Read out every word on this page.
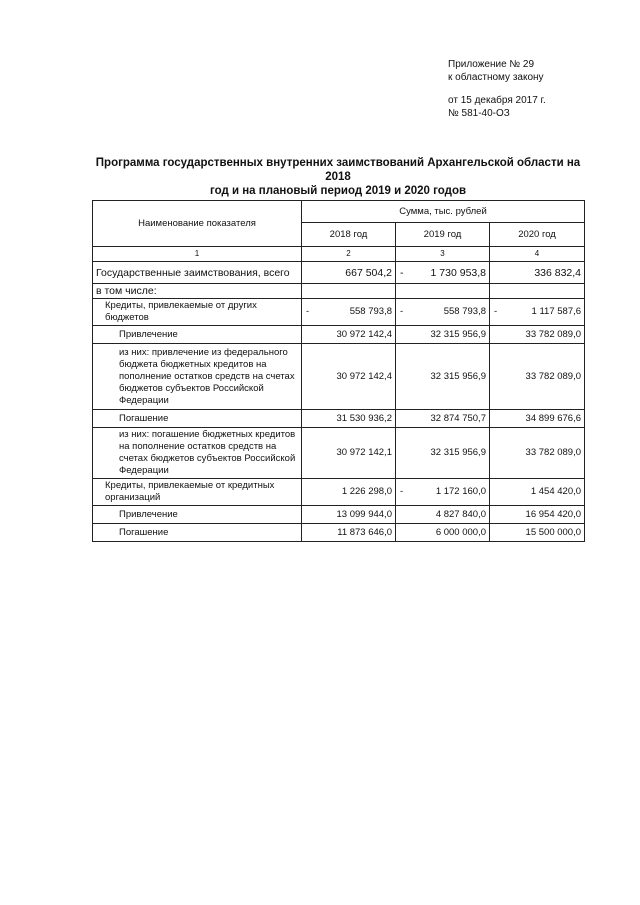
Приложение № 29
к областному закону
от 15 декабря 2017 г.
№ 581-40-ОЗ
Программа государственных внутренних заимствований Архангельской области на 2018
год и на плановый период 2019 и 2020 годов
Наименование показателя	Сумма, тыс. рублей		
	2018 год	2019 год	2020 год
1	2	3	4
Государственные заимствования, всего	667 504,2	- 1 730 953,8	336 832,4
в том числе:	

Кредиты, привлекаемые от других бюджетов	- 558 793,8	- 558 793,8	- 1 117 587,6
Привлечение	30 972 142,4	32 315 956,9	33 782 089,0
из них: привлечение из федерального бюджета бюджетных кредитов на пополнение остатков средств на счетах бюджетов субъектов Российской Федерации	30 972 142,4	32 315 956,9	33 782 089,0
Погашение	31 530 936,2	32 874 750,7	34 899 676,6
из них: погашение бюджетных кредитов на пополнение остатков средств на счетах бюджетов субъектов Российской Федерации	30 972 142,1	32 315 956,9	33 782 089,0
Кредиты, привлекаемые от кредитных организаций	1 226 298,0	- 1 172 160,0	1 454 420,0
Привлечение	13 099 944,0	4 827 840,0	16 954 420,0
Погашение	11 873 646,0	6 000 000,0	15 500 000,0
